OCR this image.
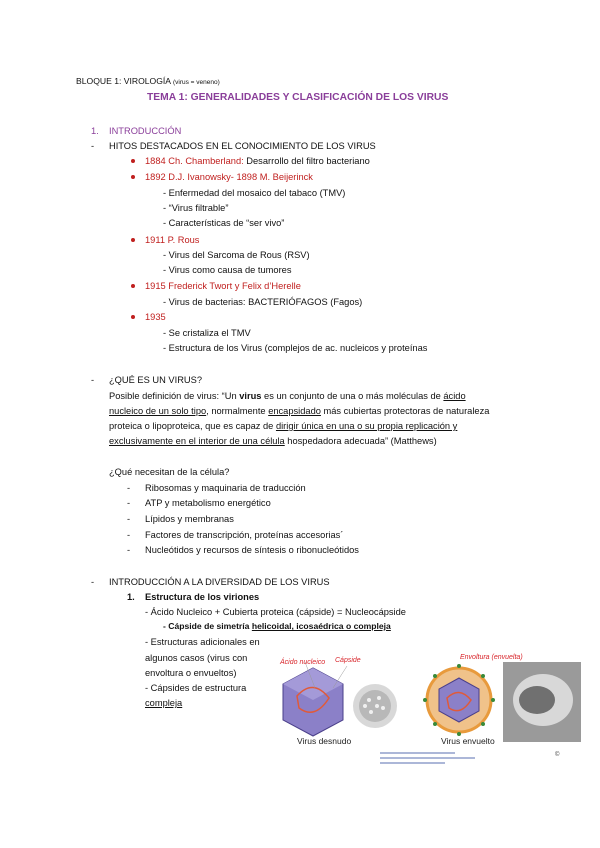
BLOQUE 1: VIROLOGÍA (virus = veneno)
TEMA 1: GENERALIDADES Y CLASIFICACIÓN DE LOS VIRUS
1. INTRODUCCIÓN
- HITOS DESTACADOS EN EL CONOCIMIENTO DE LOS VIRUS
1884 Ch. Chamberland: Desarrollo del filtro bacteriano
1892 D.J. Ivanowsky- 1898 M. Beijerinck
- Enfermedad del mosaico del tabaco (TMV)
- “Virus filtrable”
- Características de “ser vivo”
1911 P. Rous
- Virus del Sarcoma de Rous (RSV)
- Virus como causa de tumores
1915 Frederick Twort y Felix d’Herelle
- Virus de bacterias: BACTERIÓFAGOS (Fagos)
1935
- Se cristaliza el TMV
- Estructura de los Virus (complejos de ac. nucleicos y proteínas
- ¿QUÉ ES UN VIRUS?
Posible definición de virus: “Un virus es un conjunto de una o más moléculas de ácido
nucleico de un solo tipo, normalmente encapsidado más cubiertas protectoras de naturaleza
proteica o lipoproteica, que es capaz de dirigir única en una o su propia replicación y
exclusivamente en el interior de una célula hospedadora adecuada” (Matthews)
¿Qué necesitan de la célula?
- Ribosomas y maquinaria de traducción
- ATP y metabolismo energético
- Lípidos y membranas
- Factores de transcripción, proteínas accesorias´
- Nucleótidos y recursos de síntesis o ribonucleótidos
- INTRODUCCIÓN A LA DIVERSIDAD DE LOS VIRUS
1. Estructura de los viriones
- Ácido Nucleico + Cubierta proteica (cápside) = Nucleocápside
- Cápside de simetría helicoidal, icosaédrica o compleja
- Estructuras adicionales en
algunos casos (virus con
envoltura o envueltos)
- Cápsides de estructura
compleja
Ácido nucleico Cápside	Envoltura (envuelta)
Virus desnudo	Virus envuelto
©
